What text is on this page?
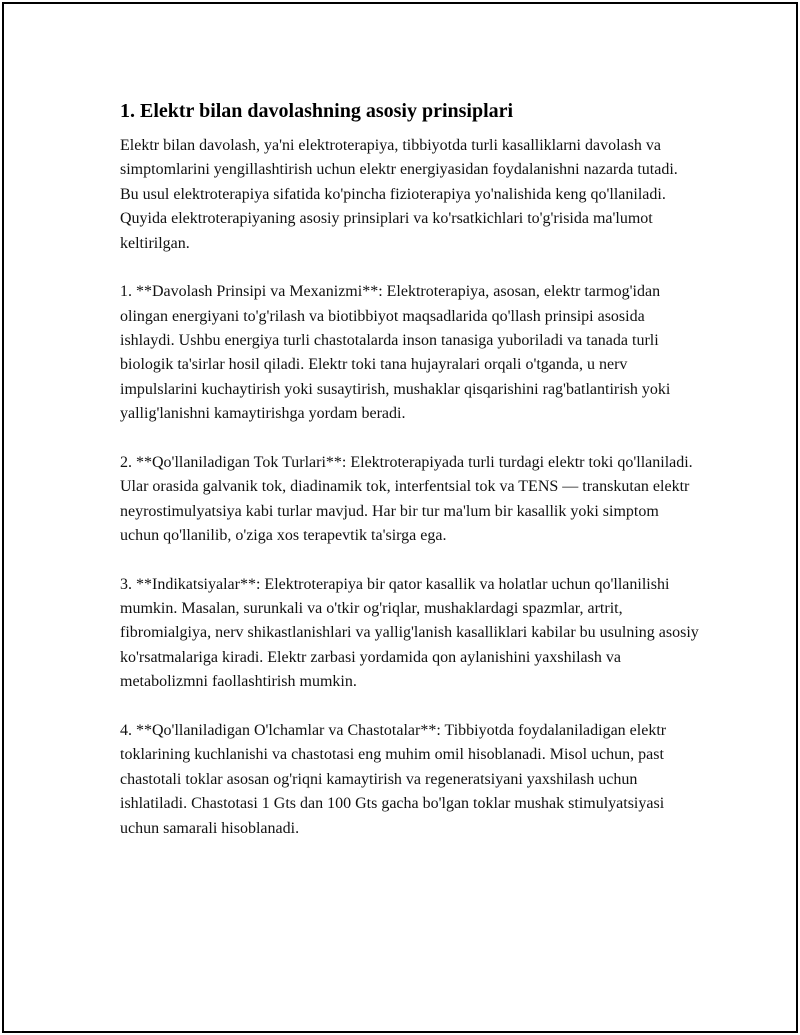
1. Elektr bilan davolashning asosiy prinsiplari

Elektr bilan davolash, ya'ni elektroterapiya, tibbiyotda turli kasalliklarni davolash va simptomlarini yengillashtirish uchun elektr energiyasidan foydalanishni nazarda tutadi. Bu usul elektroterapiya sifatida ko'pincha fizioterapiya yo'nalishida keng qo'llaniladi. Quyida elektroterapiyaning asosiy prinsiplari va ko'rsatkichlari to'g'risida ma'lumot keltirilgan.

1. **Davolash Prinsipi va Mexanizmi**: Elektroterapiya, asosan, elektr tarmog'idan olingan energiyani to'g'rilash va biotibbiyot maqsadlarida qo'llash prinsipi asosida ishlaydi. Ushbu energiya turli chastotalarda inson tanasiga yuboriladi va tanada turli biologik ta'sirlar hosil qiladi. Elektr toki tana hujayralari orqali o'tganda, u nerv impulslarini kuchaytirish yoki susaytirish, mushaklar qisqarishini rag'batlantirish yoki yallig'lanishni kamaytirishga yordam beradi.

2. **Qo'llaniladigan Tok Turlari**: Elektroterapiyada turli turdagi elektr toki qo'llaniladi. Ular orasida galvanik tok, diadinamik tok, interfentsial tok va TENS — transkutan elektr neyrostimulyatsiya kabi turlar mavjud. Har bir tur ma'lum bir kasallik yoki simptom uchun qo'llanilib, o'ziga xos terapevtik ta'sirga ega.

3. **Indikatsiyalar**: Elektroterapiya bir qator kasallik va holatlar uchun qo'llanilishi mumkin. Masalan, surunkali va o'tkir og'riqlar, mushaklardagi spazmlar, artrit, fibromialgiya, nerv shikastlanishlari va yallig'lanish kasalliklari kabilar bu usulning asosiy ko'rsatmalariga kiradi. Elektr zarbasi yordamida qon aylanishini yaxshilash va metabolizmni faollashtirish mumkin.

4. **Qo'llaniladigan O'lchamlar va Chastotalar**: Tibbiyotda foydalaniladigan elektr toklarining kuchlanishi va chastotasi eng muhim omil hisoblanadi. Misol uchun, past chastotali toklar asosan og'riqni kamaytirish va regeneratsiyani yaxshilash uchun ishlatiladi. Chastotasi 1 Gts dan 100 Gts gacha bo'lgan toklar mushak stimulyatsiyasi uchun samarali hisoblanadi.
